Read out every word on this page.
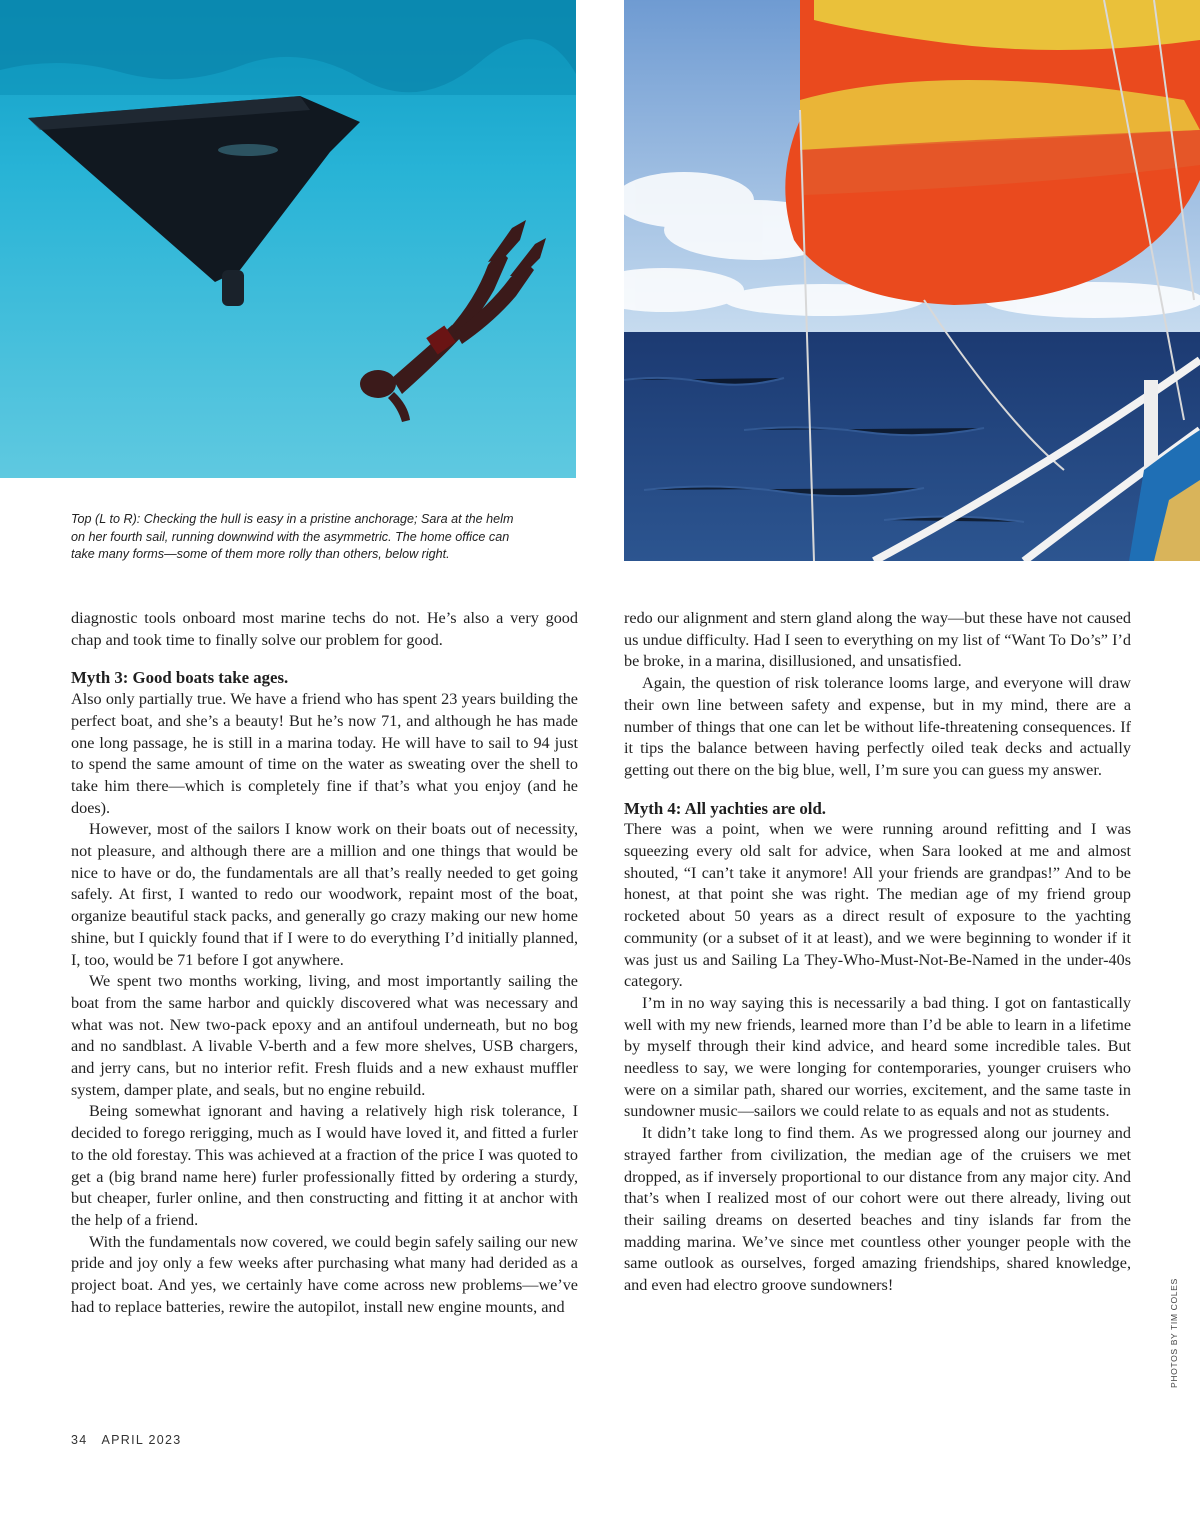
Top (L to R): Checking the hull is easy in a pristine anchorage; Sara at the helm

on her fourth sail, running downwind with the asymmetric. The home office can

take many forms—some of them more rolly than others, below right.

diagnostic tools onboard most marine techs do not. He’s also a very good chap and took time to finally solve our problem for good.

Myth 3: Good boats take ages.

Also only partially true. We have a friend who has spent 23 years building the perfect boat, and she’s a beauty! But he’s now 71, and although he has made one long passage, he is still in a marina today. He will have to sail to 94 just to spend the same amount of time on the water as sweating over the shell to take him there—which is completely fine if that’s what you enjoy (and he does).

However, most of the sailors I know work on their boats out of necessity, not pleasure, and although there are a million and one things that would be nice to have or do, the fundamentals are all that’s really needed to get going safely. At first, I wanted to redo our woodwork, repaint most of the boat, organize beautiful stack packs, and generally go crazy making our new home shine, but I quickly found that if I were to do everything I’d initially planned, I, too, would be 71 before I got anywhere.

We spent two months working, living, and most importantly sailing the boat from the same harbor and quickly discovered what was necessary and what was not. New two-pack epoxy and an antifoul underneath, but no bog and no sandblast. A livable V-berth and a few more shelves, USB chargers, and jerry cans, but no interior refit. Fresh fluids and a new exhaust muffler system, damper plate, and seals, but no engine rebuild.

Being somewhat ignorant and having a relatively high risk tolerance, I decided to forego rerigging, much as I would have loved it, and fitted a furler to the old forestay. This was achieved at a fraction of the price I was quoted to get a (big brand name here) furler professionally fitted by ordering a sturdy, but cheaper, furler online, and then constructing and fitting it at anchor with the help of a friend.

With the fundamentals now covered, we could begin safely sailing our new pride and joy only a few weeks after purchasing what many had derided as a project boat. And yes, we certainly have come across new problems—we’ve had to replace batteries, rewire the autopilot, install new engine mounts, and

redo our alignment and stern gland along the way—but these have not caused us undue difficulty. Had I seen to everything on my list of “Want To Do’s” I’d be broke, in a marina, disillusioned, and unsatisfied.

Again, the question of risk tolerance looms large, and everyone will draw their own line between safety and expense, but in my mind, there are a number of things that one can let be without life-threatening consequences. If it tips the balance between having perfectly oiled teak decks and actually getting out there on the big blue, well, I’m sure you can guess my answer.

Myth 4: All yachties are old.

There was a point, when we were running around refitting and I was squeezing every old salt for advice, when Sara looked at me and almost shouted, “I can’t take it anymore! All your friends are grandpas!” And to be honest, at that point she was right. The median age of my friend group rocketed about 50 years as a direct result of exposure to the yachting community (or a subset of it at least), and we were beginning to wonder if it was just us and Sailing La They-Who-Must-Not-Be-Named in the under-40s category.

I’m in no way saying this is necessarily a bad thing. I got on fantastically well with my new friends, learned more than I’d be able to learn in a lifetime by myself through their kind advice, and heard some incredible tales. But needless to say, we were longing for contemporaries, younger cruisers who were on a similar path, shared our worries, excitement, and the same taste in sundowner music—sailors we could relate to as equals and not as students.

It didn’t take long to find them. As we progressed along our journey and strayed farther from civilization, the median age of the cruisers we met dropped, as if inversely proportional to our distance from any major city. And that’s when I realized most of our cohort were out there already, living out their sailing dreams on deserted beaches and tiny islands far from the madding marina. We’ve since met countless other younger people with the same outlook as ourselves, forged amazing friendships, shared knowledge, and even had electro groove sundowners!	PHOTOS BY TIM COLES
34 APRIL 2023
